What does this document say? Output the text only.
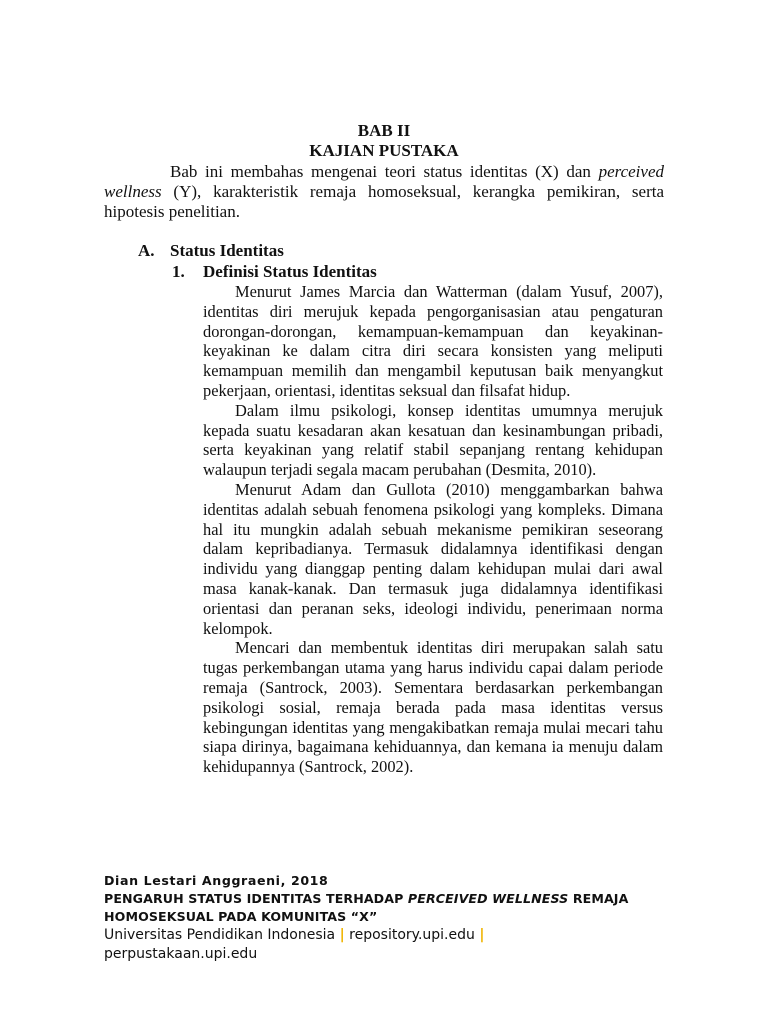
BAB II
KAJIAN PUSTAKA

Bab ini membahas mengenai teori status identitas (X) dan perceived wellness (Y), karakteristik remaja homoseksual, kerangka pemikiran, serta hipotesis penelitian.

A. Status Identitas
1. Definisi Status Identitas

Menurut James Marcia dan Watterman (dalam Yusuf, 2007), identitas diri merujuk kepada pengorganisasian atau pengaturan dorongan-dorongan, kemampuan-kemampuan dan keyakinan-keyakinan ke dalam citra diri secara konsisten yang meliputi kemampuan memilih dan mengambil keputusan baik menyangkut pekerjaan, orientasi, identitas seksual dan filsafat hidup.

Dalam ilmu psikologi, konsep identitas umumnya merujuk kepada suatu kesadaran akan kesatuan dan kesinambungan pribadi, serta keyakinan yang relatif stabil sepanjang rentang kehidupan walaupun terjadi segala macam perubahan (Desmita, 2010).

Menurut Adam dan Gullota (2010) menggambarkan bahwa identitas adalah sebuah fenomena psikologi yang kompleks. Dimana hal itu mungkin adalah sebuah mekanisme pemikiran seseorang dalam kepribadianya. Termasuk didalamnya identifikasi dengan individu yang dianggap penting dalam kehidupan mulai dari awal masa kanak-kanak. Dan termasuk juga didalamnya identifikasi orientasi dan peranan seks, ideologi individu, penerimaan norma kelompok.

Mencari dan membentuk identitas diri merupakan salah satu tugas perkembangan utama yang harus individu capai dalam periode remaja (Santrock, 2003). Sementara berdasarkan perkembangan psikologi sosial, remaja berada pada masa identitas versus kebingungan identitas yang mengakibatkan remaja mulai mecari tahu siapa dirinya, bagaimana kehiduannya, dan kemana ia menuju dalam kehidupannya (Santrock, 2002).

Dian Lestari Anggraeni, 2018
PENGARUH STATUS IDENTITAS TERHADAP PERCEIVED WELLNESS REMAJA
HOMOSEKSUAL PADA KOMUNITAS “X”
Universitas Pendidikan Indonesia | repository.upi.edu |
perpustakaan.upi.edu
